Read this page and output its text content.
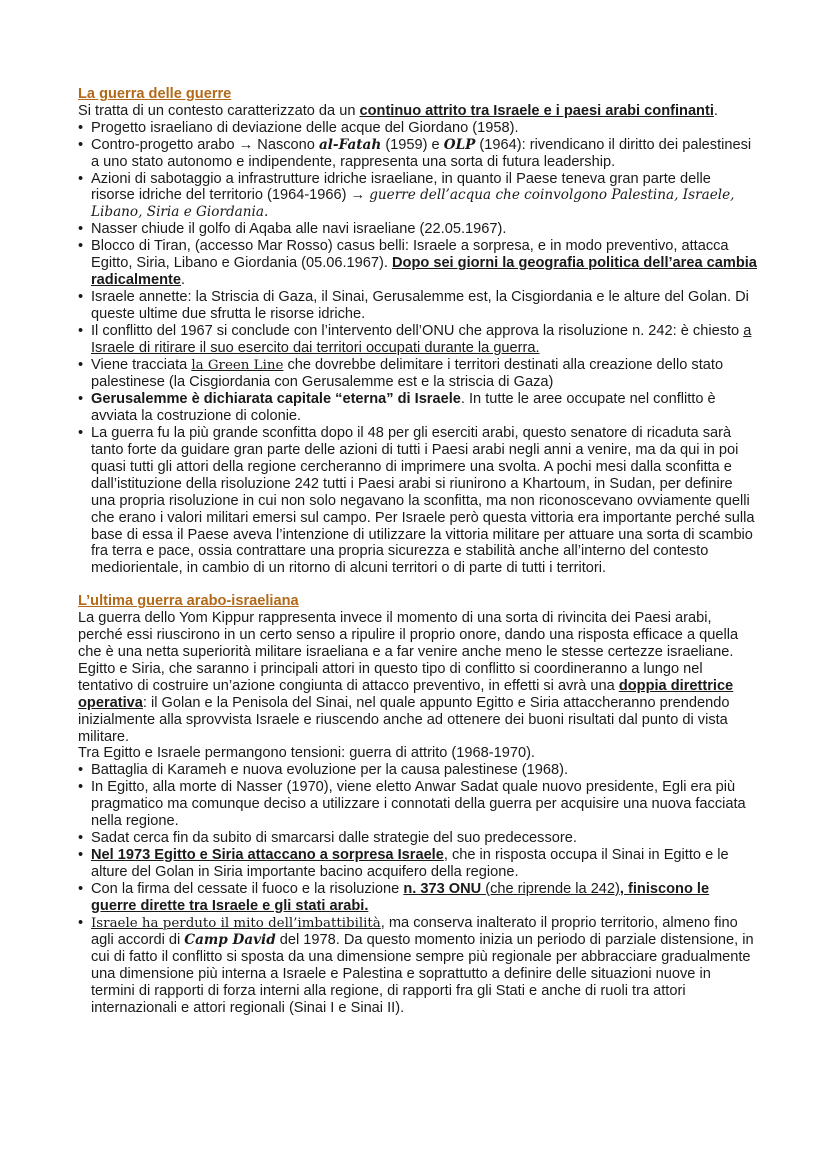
La guerra delle guerre

Si tratta di un contesto caratterizzato da un continuo attrito tra Israele e i paesi arabi confinanti.

• Progetto israeliano di deviazione delle acque del Giordano (1958).
• Contro-progetto arabo → Nascono al-Fatah (1959) e OLP (1964): rivendicano il diritto dei palestinesi a uno stato autonomo e indipendente, rappresenta una sorta di futura leadership.
• Azioni di sabotaggio a infrastrutture idriche israeliane, in quanto il Paese teneva gran parte delle risorse idriche del territorio (1964-1966) → guerre dell’acqua che coinvolgono Palestina, Israele, Libano, Siria e Giordania.
• Nasser chiude il golfo di Aqaba alle navi israeliane (22.05.1967).
• Blocco di Tiran, (accesso Mar Rosso) casus belli: Israele a sorpresa, e in modo preventivo, attacca Egitto, Siria, Libano e Giordania (05.06.1967). Dopo sei giorni la geografia politica dell’area cambia radicalmente.
• Israele annette: la Striscia di Gaza, il Sinai, Gerusalemme est, la Cisgiordania e le alture del Golan. Di queste ultime due sfrutta le risorse idriche.
• Il conflitto del 1967 si conclude con l’intervento dell’ONU che approva la risoluzione n. 242: è chiesto a Israele di ritirare il suo esercito dai territori occupati durante la guerra.
• Viene tracciata la Green Line che dovrebbe delimitare i territori destinati alla creazione dello stato palestinese (la Cisgiordania con Gerusalemme est e la striscia di Gaza)
• Gerusalemme è dichiarata capitale “eterna” di Israele. In tutte le aree occupate nel conflitto è avviata la costruzione di colonie.
• La guerra fu la più grande sconfitta dopo il 48 per gli eserciti arabi, questo senatore di ricaduta sarà tanto forte da guidare gran parte delle azioni di tutti i Paesi arabi negli anni a venire, ma da qui in poi quasi tutti gli attori della regione cercheranno di imprimere una svolta. A pochi mesi dalla sconfitta e dall’istituzione della risoluzione 242 tutti i Paesi arabi si riunirono a Khartoum, in Sudan, per definire una propria risoluzione in cui non solo negavano la sconfitta, ma non riconoscevano ovviamente quelli che erano i valori militari emersi sul campo. Per Israele però questa vittoria era importante perché sulla base di essa il Paese aveva l’intenzione di utilizzare la vittoria militare per attuare una sorta di scambio fra terra e pace, ossia contrattare una propria sicurezza e stabilità anche all’interno del contesto mediorientale, in cambio di un ritorno di alcuni territori o di parte di tutti i territori.
L’ultima guerra arabo-israeliana

La guerra dello Yom Kippur rappresenta invece il momento di una sorta di rivincita dei Paesi arabi, perché essi riuscirono in un certo senso a ripulire il proprio onore, dando una risposta efficace a quella che è una netta superiorità militare israeliana e a far venire anche meno le stesse certezze israeliane. Egitto e Siria, che saranno i principali attori in questo tipo di conflitto si coordineranno a lungo nel tentativo di costruire un’azione congiunta di attacco preventivo, in effetti si avrà una doppia direttrice operativa: il Golan e la Penisola del Sinai, nel quale appunto Egitto e Siria attaccheranno prendendo inizialmente alla sprovvista Israele e riuscendo anche ad ottenere dei buoni risultati dal punto di vista militare.

Tra Egitto e Israele permangono tensioni: guerra di attrito (1968-1970).

• Battaglia di Karameh e nuova evoluzione per la causa palestinese (1968).
• In Egitto, alla morte di Nasser (1970), viene eletto Anwar Sadat quale nuovo presidente, Egli era più pragmatico ma comunque deciso a utilizzare i connotati della guerra per acquisire una nuova facciata nella regione.
• Sadat cerca fin da subito di smarcarsi dalle strategie del suo predecessore.
• Nel 1973 Egitto e Siria attaccano a sorpresa Israele, che in risposta occupa il Sinai in Egitto e le alture del Golan in Siria importante bacino acquifero della regione.
• Con la firma del cessate il fuoco e la risoluzione n. 373 ONU (che riprende la 242), finiscono le guerre dirette tra Israele e gli stati arabi.
• Israele ha perduto il mito dell’imbattibilità, ma conserva inalterato il proprio territorio, almeno fino agli accordi di Camp David del 1978. Da questo momento inizia un periodo di parziale distensione, in cui di fatto il conflitto si sposta da una dimensione sempre più regionale per abbracciare gradualmente una dimensione più interna a Israele e Palestina e soprattutto a definire delle situazioni nuove in termini di rapporti di forza interni alla regione, di rapporti fra gli Stati e anche di ruoli tra attori internazionali e attori regionali (Sinai I e Sinai II).
